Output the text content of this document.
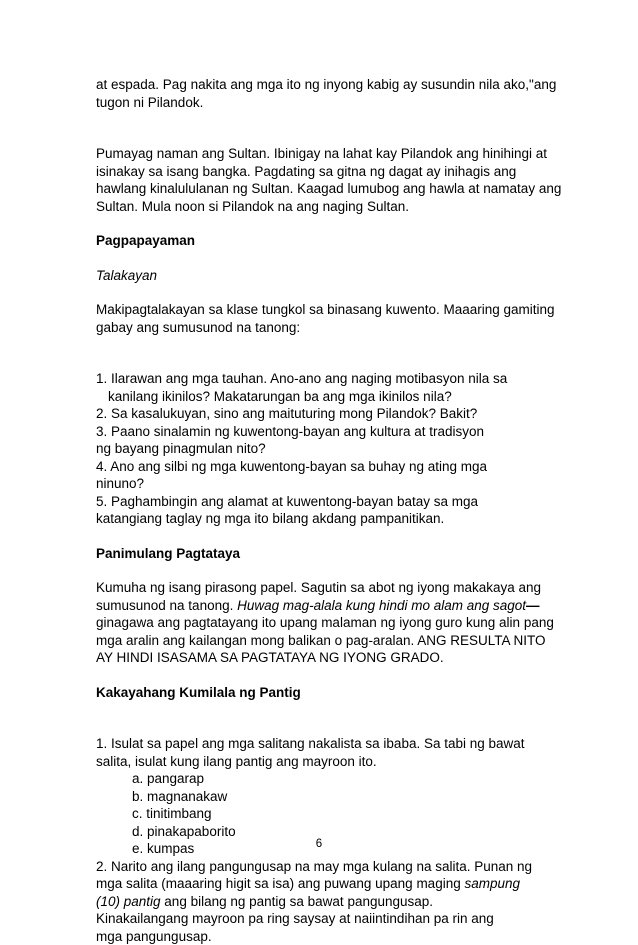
at espada. Pag nakita ang mga ito ng inyong kabig ay susundin nila ako,"ang
tugon ni Pilandok.
Pumayag naman ang Sultan. Ibinigay na lahat kay Pilandok ang hinihingi at
isinakay sa isang bangka. Pagdating sa gitna ng dagat ay inihagis ang
hawlang kinalululanan ng Sultan. Kaagad lumubog ang hawla at namatay ang
Sultan. Mula noon si Pilandok na ang naging Sultan.
Pagpapayaman
Talakayan
Makipagtalakayan sa klase tungkol sa binasang kuwento. Maaaring gamiting
gabay ang sumusunod na tanong:
1. Ilarawan ang mga tauhan. Ano-ano ang naging motibasyon nila sa
kanilang ikinilos? Makatarungan ba ang mga ikinilos nila?
2. Sa kasalukuyan, sino ang maituturing mong Pilandok? Bakit?
3. Paano sinalamin ng kuwentong-bayan ang kultura at tradisyon
ng bayang pinagmulan nito?
4. Ano ang silbi ng mga kuwentong-bayan sa buhay ng ating mga
ninuno?
5. Paghambingin ang alamat at kuwentong-bayan batay sa mga
katangiang taglay ng mga ito bilang akdang pampanitikan.
Panimulang Pagtataya
Kumuha ng isang pirasong papel. Sagutin sa abot ng iyong makakaya ang
sumusunod na tanong. Huwag mag-alala kung hindi mo alam ang sagot—
ginagawa ang pagtatayang ito upang malaman ng iyong guro kung alin pang
mga aralin ang kailangan mong balikan o pag-aralan. ANG RESULTA NITO
AY HINDI ISASAMA SA PAGTATAYA NG IYONG GRADO.
Kakayahang Kumilala ng Pantig
1. Isulat sa papel ang mga salitang nakalista sa ibaba. Sa tabi ng bawat
salita, isulat kung ilang pantig ang mayroon ito.
a. pangarap
b. magnanakaw
c. tinitimbang
d. pinakapaborito
e. kumpas
2. Narito ang ilang pangungusap na may mga kulang na salita. Punan ng
mga salita (maaaring higit sa isa) ang puwang upang maging sampung
(10) pantig ang bilang ng pantig sa bawat pangungusap.
Kinakailangang mayroon pa ring saysay at naiintindihan pa rin ang
mga pangungusap.
6
